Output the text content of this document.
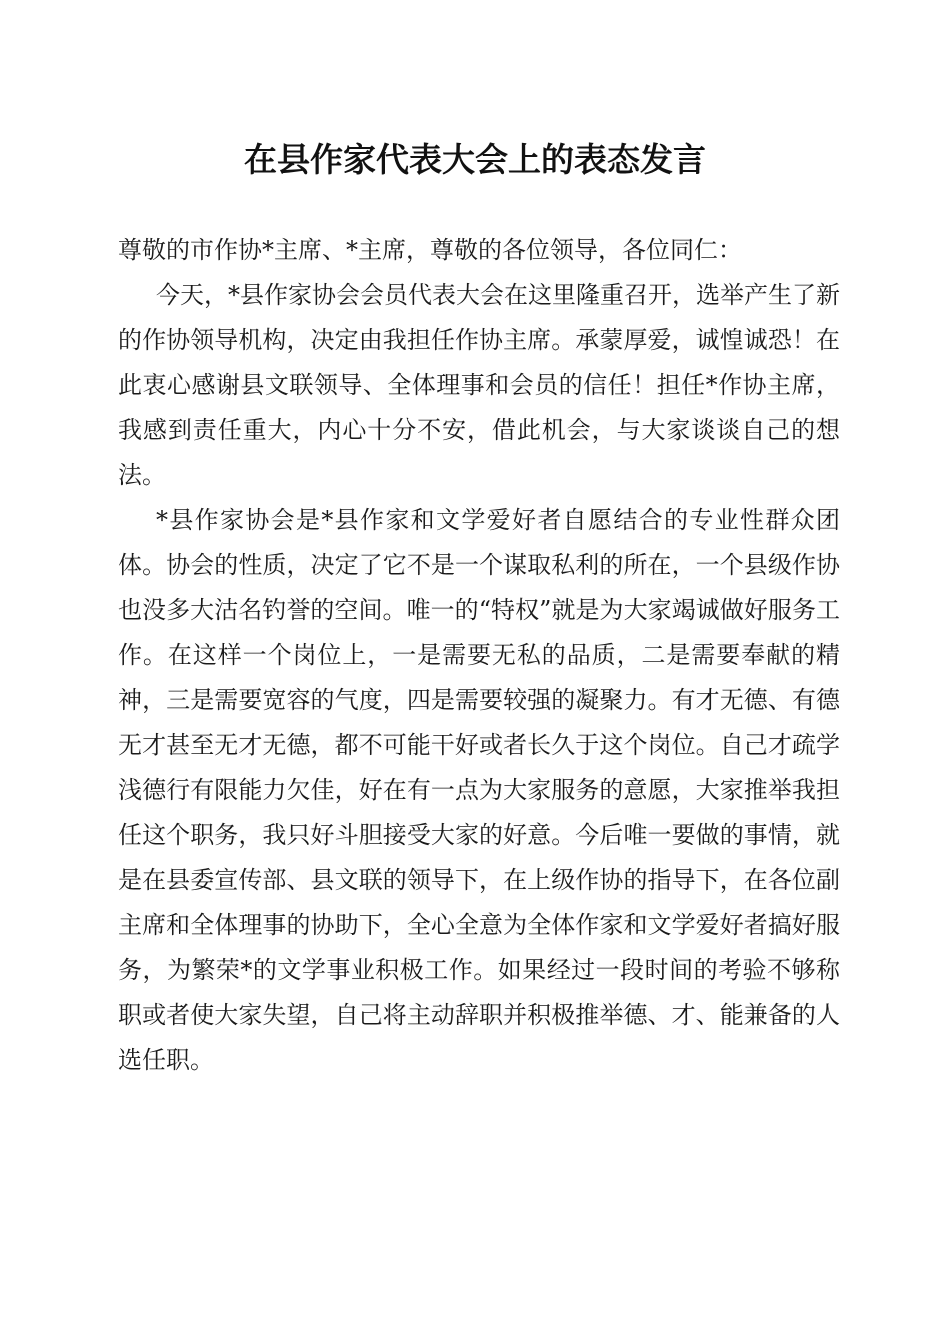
在县作家代表大会上的表态发言

尊敬的市作协*主席、*主席，尊敬的各位领导，各位同仁：

今天，*县作家协会会员代表大会在这里隆重召开，选举产生了新的作协领导机构，决定由我担任作协主席。承蒙厚爱，诚惶诚恐！在此衷心感谢县文联领导、全体理事和会员的信任！担任*作协主席，我感到责任重大，内心十分不安，借此机会，与大家谈谈自己的想法。

*县作家协会是*县作家和文学爱好者自愿结合的专业性群众团体。协会的性质，决定了它不是一个谋取私利的所在，一个县级作协也没多大沽名钓誉的空间。唯一的“特权”就是为大家竭诚做好服务工作。在这样一个岗位上，一是需要无私的品质，二是需要奉献的精神，三是需要宽容的气度，四是需要较强的凝聚力。有才无德、有德无才甚至无才无德，都不可能干好或者长久于这个岗位。自己才疏学浅德行有限能力欠佳，好在有一点为大家服务的意愿，大家推举我担任这个职务，我只好斗胆接受大家的好意。今后唯一要做的事情，就是在县委宣传部、县文联的领导下，在上级作协的指导下，在各位副主席和全体理事的协助下，全心全意为全体作家和文学爱好者搞好服务，为繁荣*的文学事业积极工作。如果经过一段时间的考验不够称职或者使大家失望，自己将主动辞职并积极推举德、才、能兼备的人选任职。
